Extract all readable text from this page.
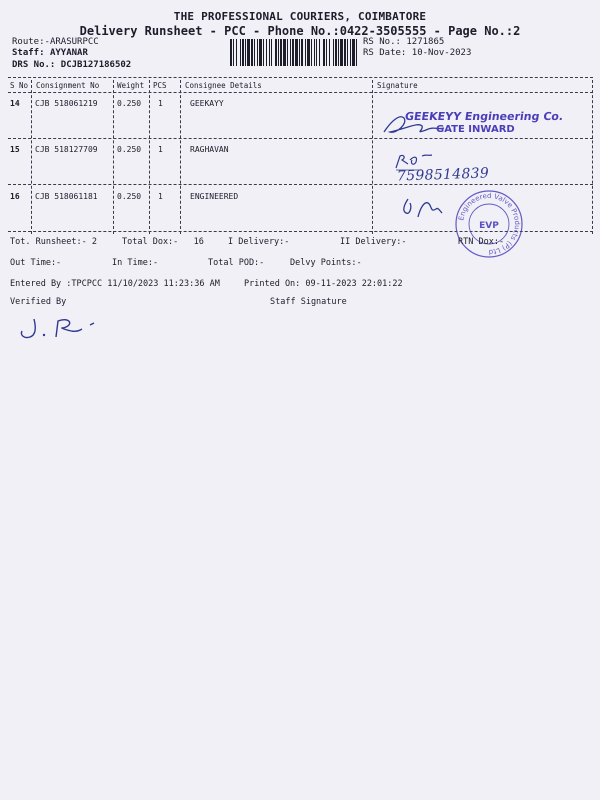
THE PROFESSIONAL COURIERS, COIMBATORE
Delivery Runsheet - PCC - Phone No.:0422-3505555 - Page No.:2
Route:-ARASURPCC
Staff: AYYANAR
DRS No.: DCJB127186502
RS No.: 1271865
RS Date: 10-Nov-2023
S No Consignment No Weight PCS Consignee Details	Signature
14 CJB 518061219 0.250 1	GEEKAYY
15 CJB 518127709 0.250 1	RAGHAVAN
16 CJB 518061181 0.250 1	ENGINEERED
GEEKEYY Engineering Co.
GATE INWARD
7598514839
Engineered Valve Products (P) Ltd
EVP
Tot. Runsheet:- 2	Total Dox:- 16	I Delivery:-	II Delivery:-	RTN Dox:-
Out Time:-	In Time:-	Total POD:-	Delvy Points:-
Entered By :TPCPCC 11/10/2023 11:23:36 AM	Printed On: 09-11-2023 22:01:22
Verified By	Staff Signature
